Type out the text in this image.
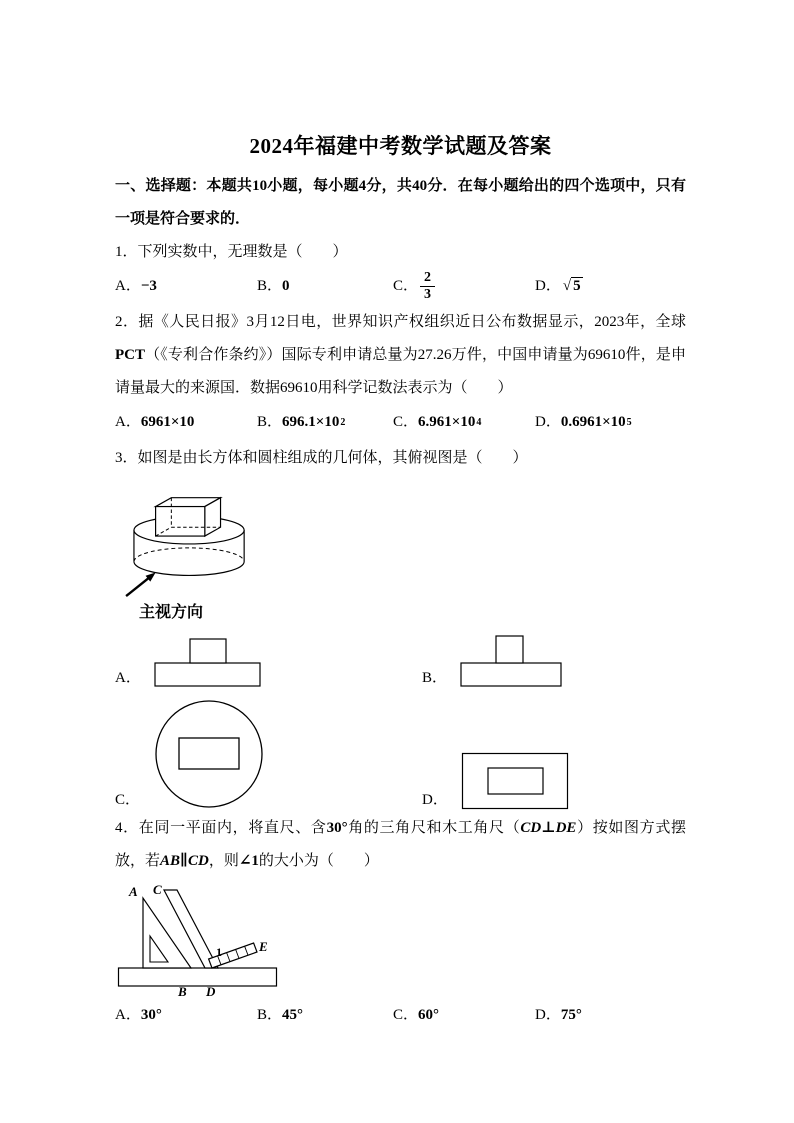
2024年福建中考数学试题及答案

一、选择题：本题共10小题，每小题4分，共40分．在每小题给出的四个选项中，只有一项是符合要求的．

1．下列实数中，无理数是（　　）

A． −3	B． 0	C． $\frac{2}{3}$	D． √ 5

2．据《人民日报》3月12日电，世界知识产权组织近日公布数据显示，2023年，全球PCT（《专利合作条约》）国际专利申请总量为27.26万件，中国申请量为69610件，是申请量最大的来源国．数据69610用科学记数法表示为（　　）

A． 6961×10	B． 696.1×10 2	C． 6.961×10 4	D． 0.6961×10 5

3．如图是由长方体和圆柱组成的几何体，其俯视图是（　　）

主视方向
A．	B．
C．	D．

4．在同一平面内，将直尺、含30°角的三角尺和木工角尺（CD⊥DE）按如图方式摆放，若AB∥CD，则∠1的大小为（　　）

A C
B D
E
1
A． 30°	B． 45°	C． 60°	D． 75°
